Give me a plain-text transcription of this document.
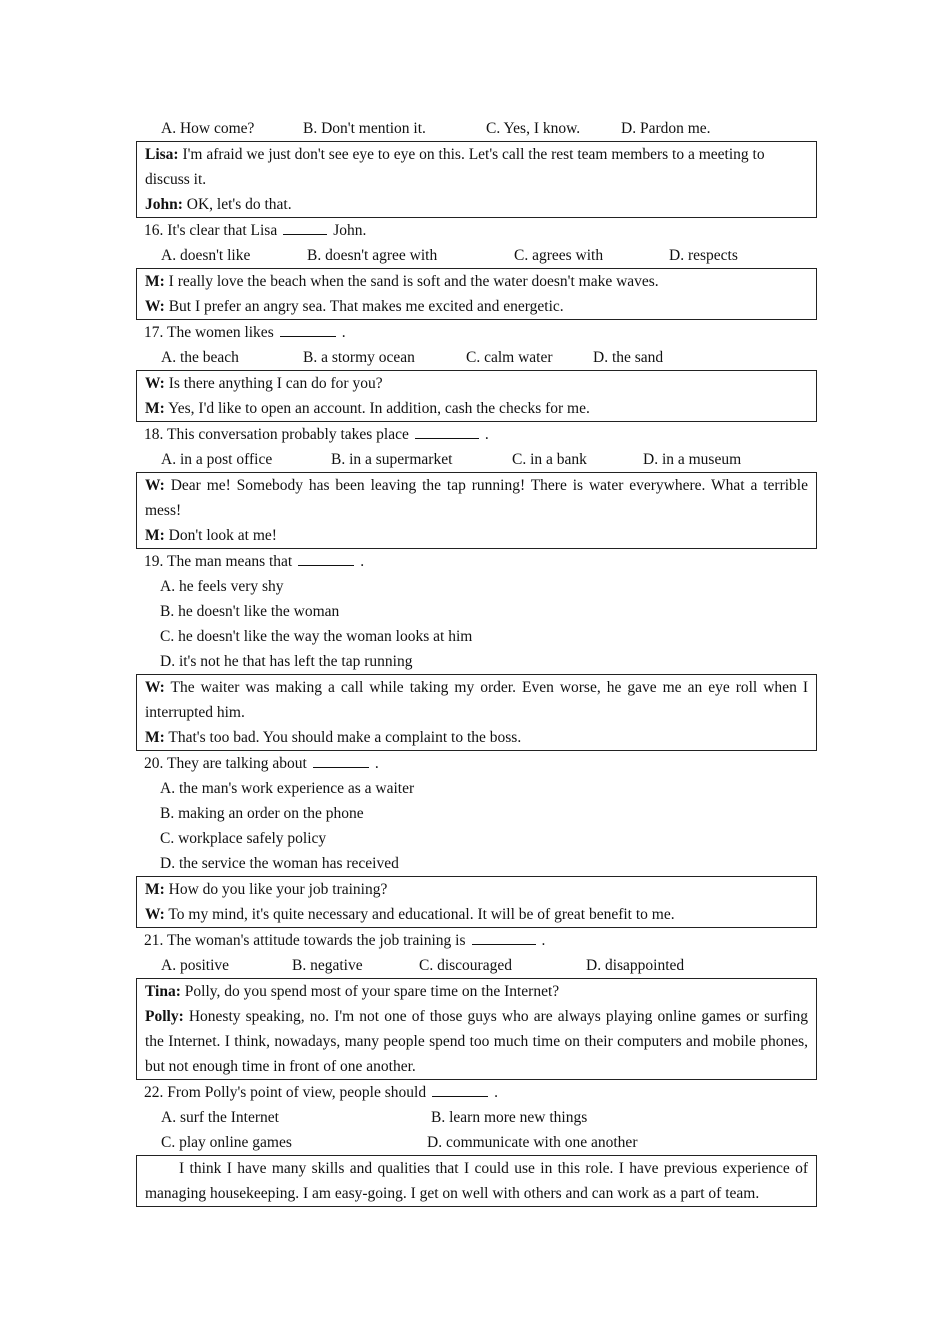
A. How come?	B. Don't mention it.	C. Yes, I know.	D. Pardon me.
Lisa: I'm afraid we just don't see eye to eye on this. Let's call the rest team members to a meeting to discuss it.
John: OK, let's do that.
16. It's clear that Lisa	John.
A. doesn't like	B. doesn't agree with	C. agrees with	D. respects
M: I really love the beach when the sand is soft and the water doesn't make waves.
W: But I prefer an angry sea. That makes me excited and energetic.
17. The women likes	.
A. the beach	B. a stormy ocean	C. calm water	D. the sand
W: Is there anything I can do for you?
M: Yes, I'd like to open an account. In addition, cash the checks for me.
18. This conversation probably takes place	.
A. in a post office	B. in a supermarket	C. in a bank	D. in a museum
W: Dear me! Somebody has been leaving the tap running! There is water everywhere. What a terrible mess!
M: Don't look at me!
19. The man means that	.
A. he feels very shy
B. he doesn't like the woman
C. he doesn't like the way the woman looks at him
D. it's not he that has left the tap running
W: The waiter was making a call while taking my order. Even worse, he gave me an eye roll when I interrupted him.
M: That's too bad. You should make a complaint to the boss.
20. They are talking about	.
A. the man's work experience as a waiter
B. making an order on the phone
C. workplace safely policy
D. the service the woman has received
M: How do you like your job training?
W: To my mind, it's quite necessary and educational. It will be of great benefit to me.
21. The woman's attitude towards the job training is	.
A. positive	B. negative	C. discouraged	D. disappointed
Tina: Polly, do you spend most of your spare time on the Internet?
Polly: Honesty speaking, no. I'm not one of those guys who are always playing online games or surfing the Internet. I think, nowadays, many people spend too much time on their computers and mobile phones, but not enough time in front of one another.
22. From Polly's point of view, people should	.
A. surf the Internet	B. learn more new things
C. play online games	D. communicate with one another
I think I have many skills and qualities that I could use in this role. I have previous experience of managing housekeeping. I am easy-going. I get on well with others and can work as a part of team.
